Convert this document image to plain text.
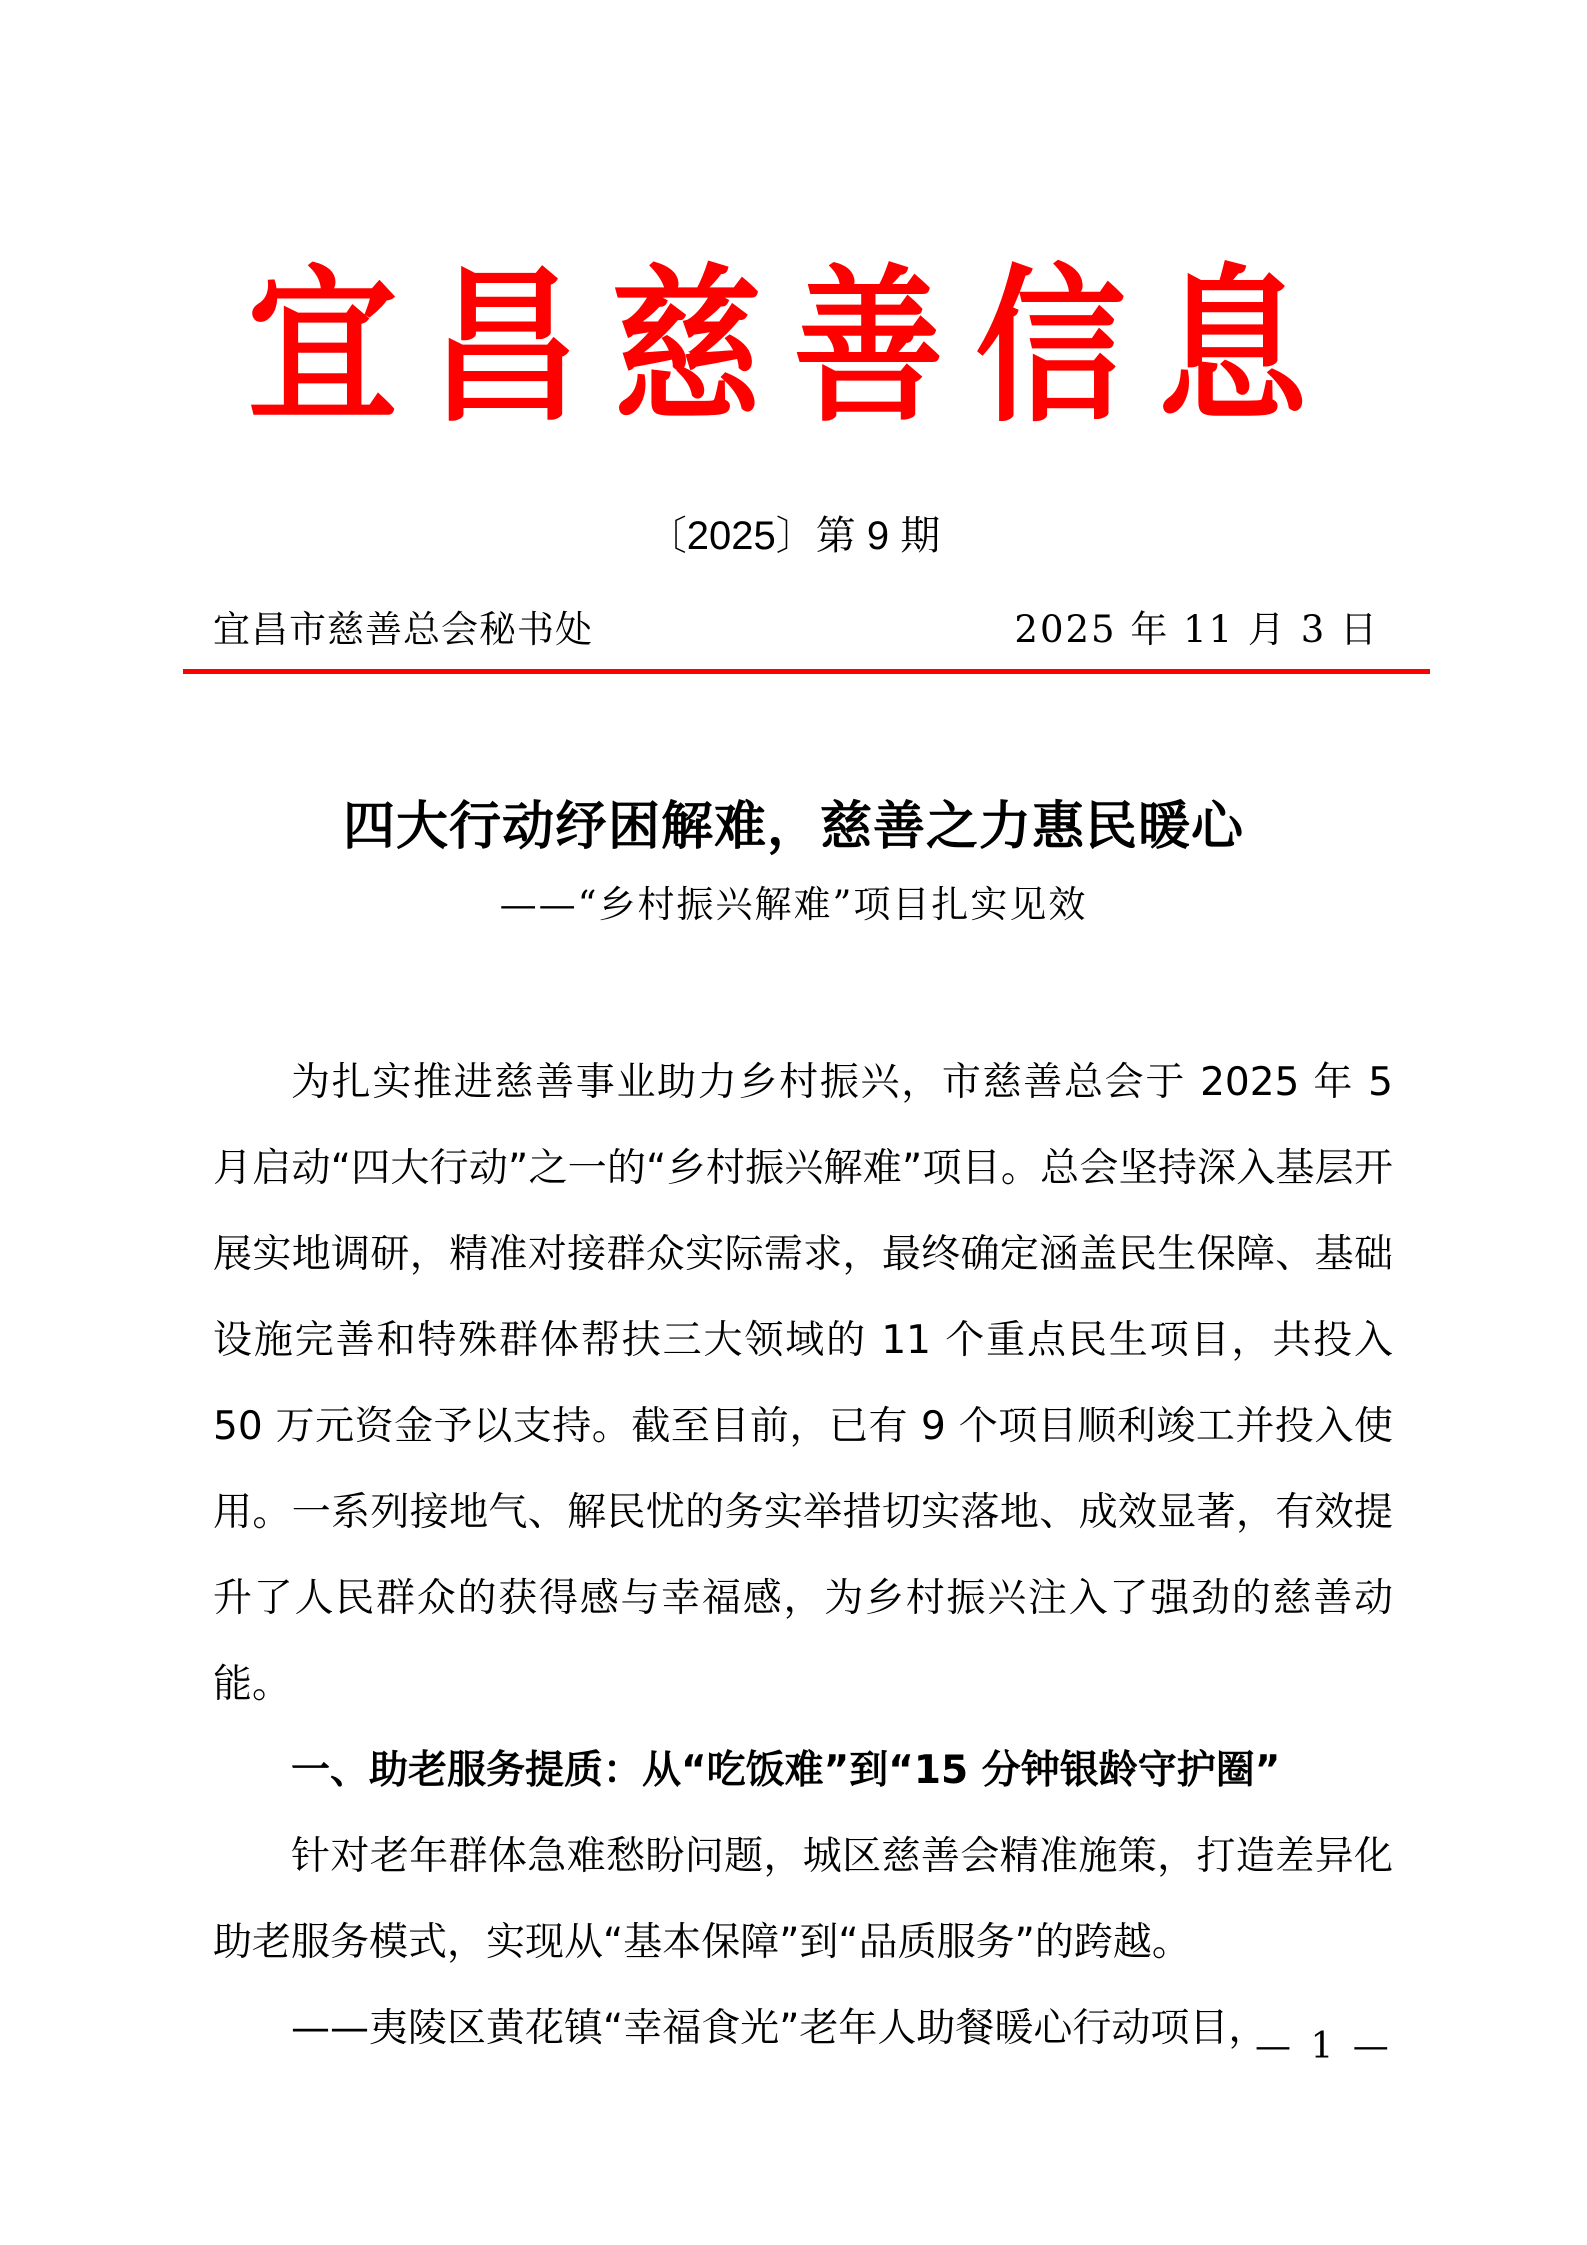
宜昌慈善信息
〔2025〕第 9 期
宜昌市慈善总会秘书处	2025 年 11 月 3 日
四大行动纾困解难，慈善之力惠民暖心
——“乡村振兴解难”项目扎实见效

为扎实推进慈善事业助力乡村振兴，市慈善总会于 2025 年 5 月启动“四大行动”之一的“乡村振兴解难”项目。总会坚持深入基层开展实地调研，精准对接群众实际需求，最终确定涵盖民生保障、基础设施完善和特殊群体帮扶三大领域的 11 个重点民生项目，共投入 50 万元资金予以支持。截至目前，已有 9 个项目顺利竣工并投入使用。一系列接地气、解民忧的务实举措切实落地、成效显著，有效提升了人民群众的获得感与幸福感，为乡村振兴注入了强劲的慈善动能。

一、助老服务提质：从“吃饭难”到“15 分钟银龄守护圈”

针对老年群体急难愁盼问题，城区慈善会精准施策，打造差异化助老服务模式，实现从“基本保障”到“品质服务”的跨越。

——夷陵区黄花镇“幸福食光”老年人助餐暖心行动项目，

— 1 —
